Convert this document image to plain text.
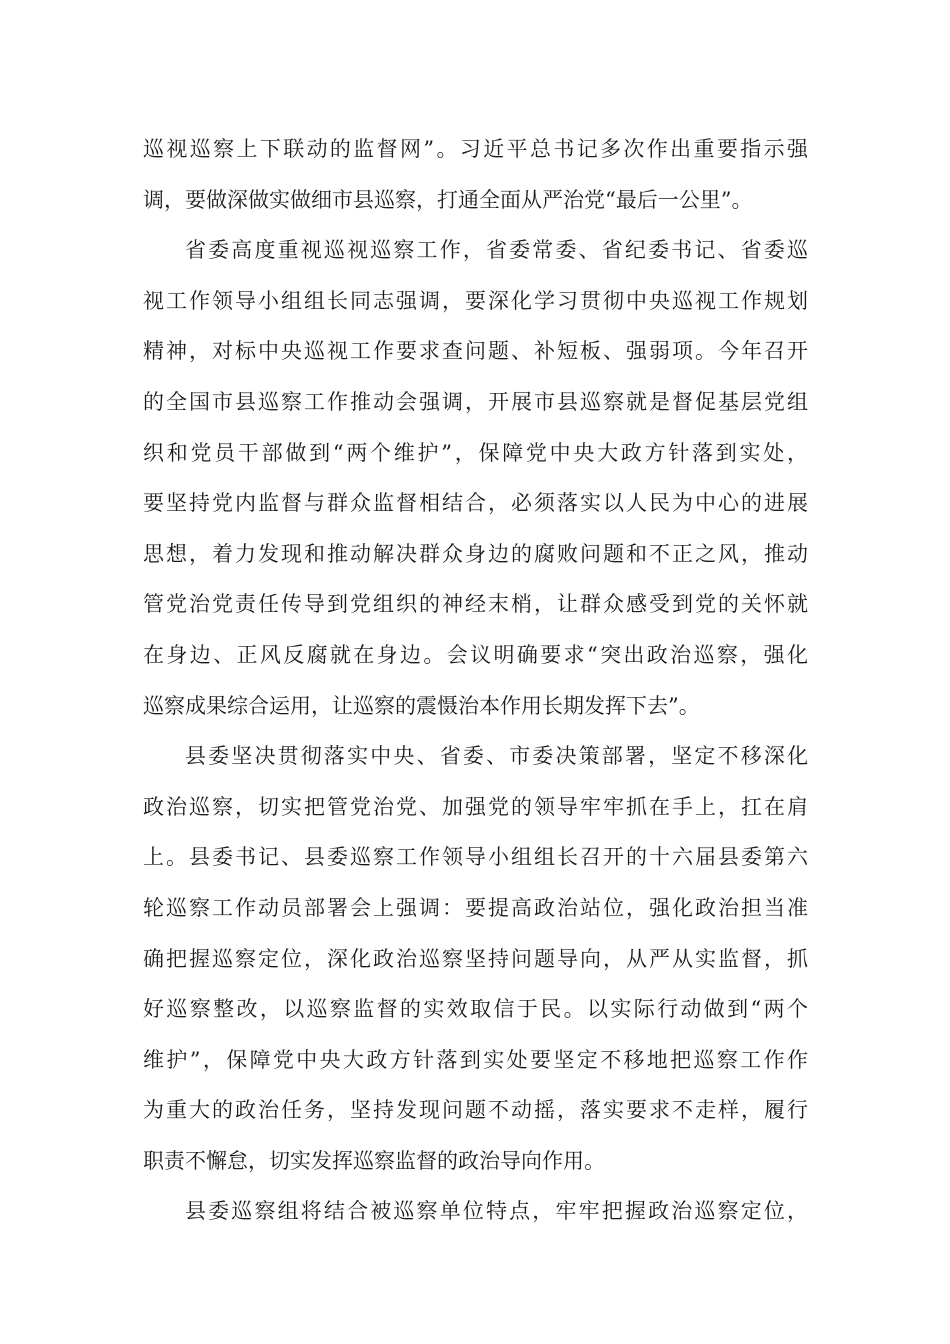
巡视巡察上下联动的监督网”。习近平总书记多次作出重要指示强
调，要做深做实做细市县巡察，打通全面从严治党“最后一公里”。
省委高度重视巡视巡察工作，省委常委、省纪委书记、省委巡
视工作领导小组组长同志强调，要深化学习贯彻中央巡视工作规划
精神，对标中央巡视工作要求查问题、补短板、强弱项。今年召开
的全国市县巡察工作推动会强调，开展市县巡察就是督促基层党组
织和党员干部做到“两个维护”，保障党中央大政方针落到实处，
要坚持党内监督与群众监督相结合，必须落实以人民为中心的进展
思想，着力发现和推动解决群众身边的腐败问题和不正之风，推动
管党治党责任传导到党组织的神经末梢，让群众感受到党的关怀就
在身边、正风反腐就在身边。会议明确要求“突出政治巡察，强化
巡察成果综合运用，让巡察的震慑治本作用长期发挥下去”。
县委坚决贯彻落实中央、省委、市委决策部署，坚定不移深化
政治巡察，切实把管党治党、加强党的领导牢牢抓在手上，扛在肩
上。县委书记、县委巡察工作领导小组组长召开的十六届县委第六
轮巡察工作动员部署会上强调：要提高政治站位，强化政治担当准
确把握巡察定位，深化政治巡察坚持问题导向，从严从实监督，抓
好巡察整改，以巡察监督的实效取信于民。以实际行动做到“两个
维护”，保障党中央大政方针落到实处要坚定不移地把巡察工作作
为重大的政治任务，坚持发现问题不动摇，落实要求不走样，履行
职责不懈怠，切实发挥巡察监督的政治导向作用。
县委巡察组将结合被巡察单位特点，牢牢把握政治巡察定位，
